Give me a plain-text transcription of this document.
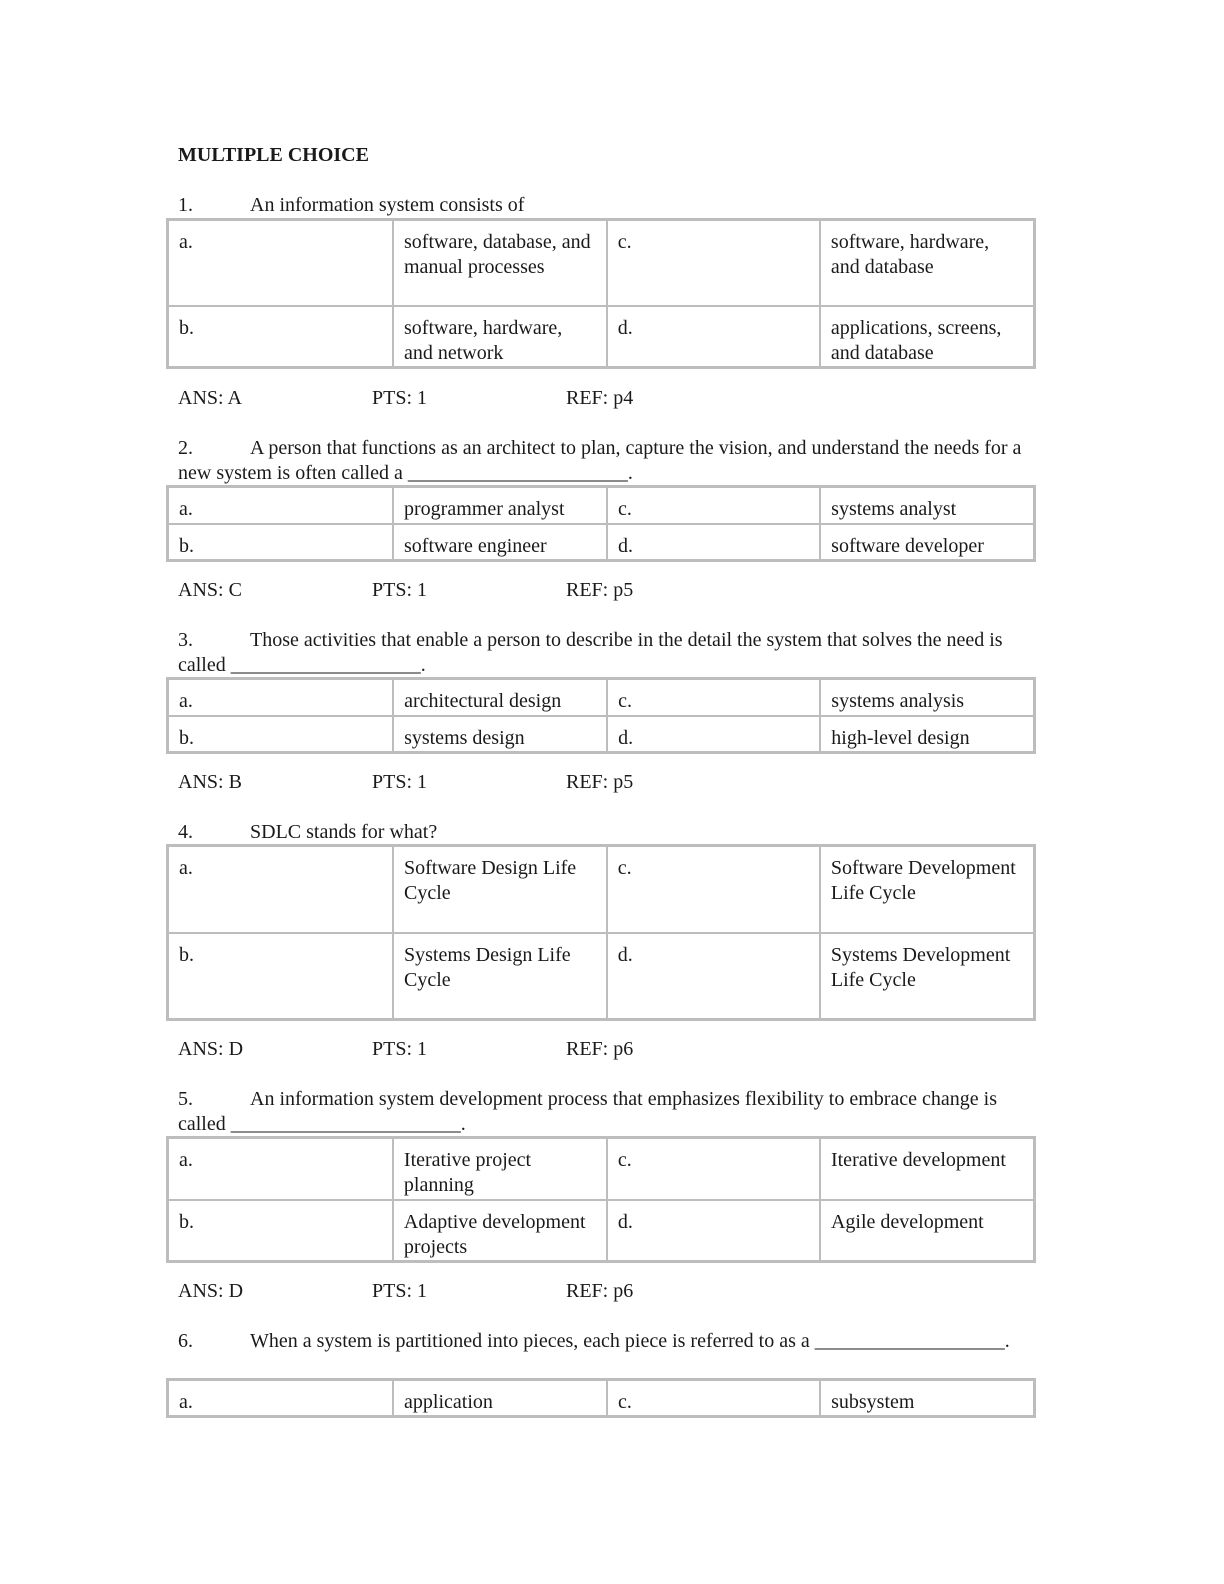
MULTIPLE CHOICE

1.	An information system consists of

a.	software, database, and manual processes	c.	software, hardware, and database
b.	software, hardware, and network	d.	applications, screens, and database
ANS: A	PTS: 1	REF: p4

2.	A person that functions as an architect to plan, capture the vision, and understand the needs for a new system is often called a ______________________.

a.	programmer analyst	c.	systems analyst
b.	software engineer	d.	software developer
ANS: C	PTS: 1	REF: p5

3.	Those activities that enable a person to describe in the detail the system that solves the need is called ___________________.

a.	architectural design	c.	systems analysis
b.	systems design	d.	high-level design
ANS: B	PTS: 1	REF: p5

4.	SDLC stands for what?

a.	Software Design Life Cycle	c.	Software Development Life Cycle
b.	Systems Design Life Cycle	d.	Systems Development Life Cycle
ANS: D	PTS: 1	REF: p6

5.	An information system development process that emphasizes flexibility to embrace change is called _______________________.

a.	Iterative project planning	c.	Iterative development
b.	Adaptive development projects	d.	Agile development
ANS: D	PTS: 1	REF: p6

6.	When a system is partitioned into pieces, each piece is referred to as a ___________________.

a.	application	c.	subsystem
